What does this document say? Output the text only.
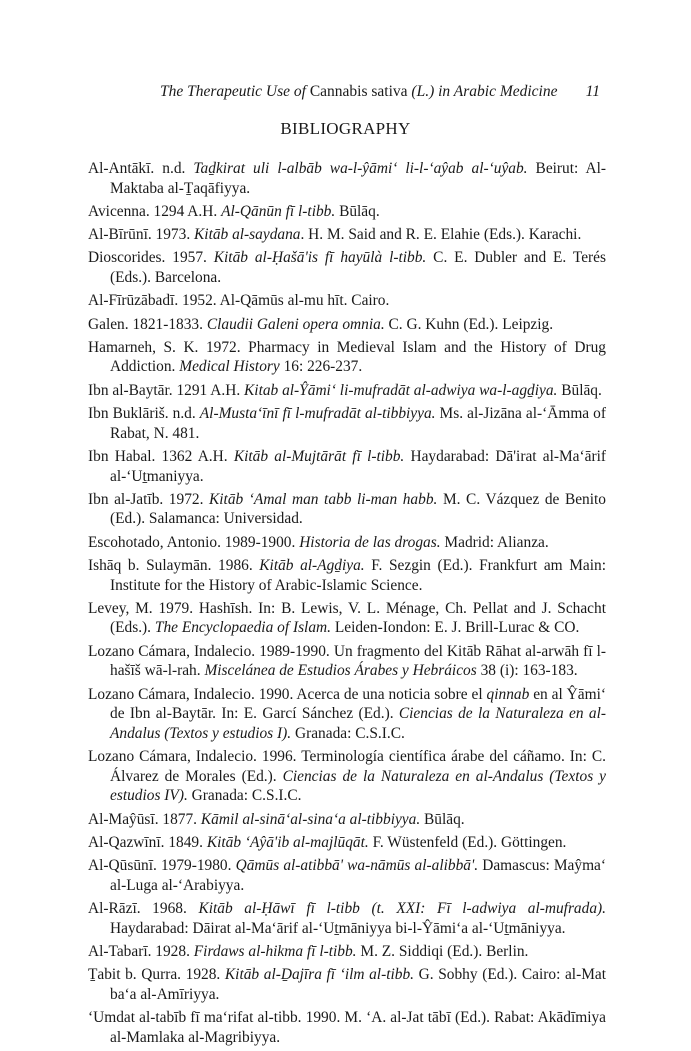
The Therapeutic Use of Cannabis sativa (L.) in Arabic Medicine 11
BIBLIOGRAPHY

Al-Antākī. n.d. Taḏkirat uli l-albāb wa-l-ŷāmi‘ li-l-‘aŷab al-‘uŷab. Beirut: Al-Maktaba al-Ṯaqāfiyya.

Avicenna. 1294 A.H. Al-Qānūn fī l-tibb. Būlāq.

Al-Bīrūnī. 1973. Kitāb al-saydana. H. M. Said and R. E. Elahie (Eds.). Karachi.

Dioscorides. 1957. Kitāb al-Ḥašā'is fī hayūlà l-tibb. C. E. Dubler and E. Terés (Eds.). Barcelona.

Al-Fīrūzābadī. 1952. Al-Qāmūs al-mu hīt. Cairo.

Galen. 1821-1833. Claudii Galeni opera omnia. C. G. Kuhn (Ed.). Leipzig.

Hamarneh, S. K. 1972. Pharmacy in Medieval Islam and the History of Drug Addiction. Medical History 16: 226-237.

Ibn al-Baytār. 1291 A.H. Kitab al-Ŷāmi‘ li-mufradāt al-adwiya wa-l-agḏiya. Būlāq.

Ibn Buklāriš. n.d. Al-Musta‘īnī fī l-mufradāt al-tibbiyya. Ms. al-Jizāna al-‘Āmma of Rabat, N. 481.

Ibn Habal. 1362 A.H. Kitāb al-Mujtārāt fī l-tibb. Haydarabad: Dā'irat al-Ma‘ārif al-‘Uṯmaniyya.

Ibn al-Jatīb. 1972. Kitāb ‘Amal man tabb li-man habb. M. C. Vázquez de Benito (Ed.). Salamanca: Universidad.

Escohotado, Antonio. 1989-1900. Historia de las drogas. Madrid: Alianza.

Ishāq b. Sulaymān. 1986. Kitāb al-Agḏiya. F. Sezgin (Ed.). Frankfurt am Main: Institute for the History of Arabic-Islamic Science.

Levey, M. 1979. Hashīsh. In: B. Lewis, V. L. Ménage, Ch. Pellat and J. Schacht (Eds.). The Encyclopaedia of Islam. Leiden-Iondon: E. J. Brill-Lurac & CO.

Lozano Cámara, Indalecio. 1989-1990. Un fragmento del Kitāb Rāhat al-arwāh fī l-hašīš wā-l-rah. Miscelánea de Estudios Árabes y Hebráicos 38 (i): 163-183.

Lozano Cámara, Indalecio. 1990. Acerca de una noticia sobre el qinnab en al Ŷāmi‘ de Ibn al-Baytār. In: E. Garcí Sánchez (Ed.). Ciencias de la Naturaleza en al-Andalus (Textos y estudios I). Granada: C.S.I.C.

Lozano Cámara, Indalecio. 1996. Terminología científica árabe del cáñamo. In: C. Álvarez de Morales (Ed.). Ciencias de la Naturaleza en al-Andalus (Textos y estudios IV). Granada: C.S.I.C.

Al-Maŷūsī. 1877. Kāmil al-sinā‘al-sina‘a al-tibbiyya. Būlāq.

Al-Qazwīnī. 1849. Kitāb ‘Aŷā'ib al-majlūqāt. F. Wüstenfeld (Ed.). Göttingen.

Al-Qūsūnī. 1979-1980. Qāmūs al-atibbā' wa-nāmūs al-alibbā'. Damascus: Maŷma‘ al-Luga al-‘Arabiyya.

Al-Rāzī. 1968. Kitāb al-Ḥāwī fī l-tibb (t. XXI: Fī l-adwiya al-mufrada). Haydarabad: Dāirat al-Ma‘ārif al-‘Uṯmāniyya bi-l-Ŷāmi‘a al-‘Uṯmāniyya.

Al-Tabarī. 1928. Firdaws al-hikma fī l-tibb. M. Z. Siddiqi (Ed.). Berlin.

Ṯabit b. Qurra. 1928. Kitāb al-Ḏajīra fī ‘ilm al-tibb. G. Sobhy (Ed.). Cairo: al-Mat ba‘a al-Amīriyya.

‘Umdat al-tabīb fī ma‘rifat al-tibb. 1990. M. ‘A. al-Jat tābī (Ed.). Rabat: Akādīmiya al-Mamlaka al-Magribiyya.
